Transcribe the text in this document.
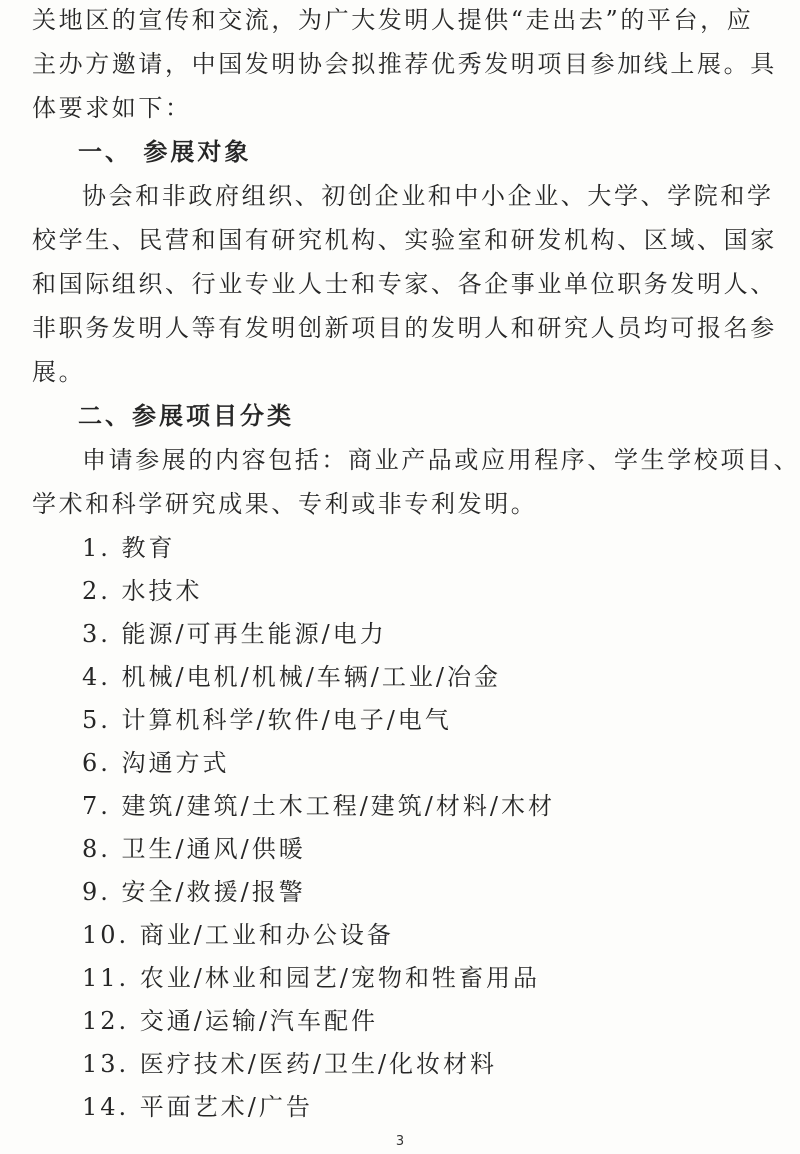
关地区的宣传和交流，为广大发明人提供“走出去”的平台，应
主办方邀请，中国发明协会拟推荐优秀发明项目参加线上展。具
体要求如下：
一、 参展对象
协会和非政府组织、初创企业和中小企业、大学、学院和学
校学生、民营和国有研究机构、实验室和研发机构、区域、国家
和国际组织、行业专业人士和专家、各企事业单位职务发明人、
非职务发明人等有发明创新项目的发明人和研究人员均可报名参
展。
二、参展项目分类
申请参展的内容包括：商业产品或应用程序、学生学校项目、
学术和科学研究成果、专利或非专利发明。
1. 教育
2. 水技术
3. 能源/可再生能源/电力
4. 机械/电机/机械/车辆/工业/冶金
5. 计算机科学/软件/电子/电气
6. 沟通方式
7. 建筑/建筑/土木工程/建筑/材料/木材
8. 卫生/通风/供暖
9. 安全/救援/报警
10. 商业/工业和办公设备
11. 农业/林业和园艺/宠物和牲畜用品
12. 交通/运输/汽车配件
13. 医疗技术/医药/卫生/化妆材料
14. 平面艺术/广告
3
